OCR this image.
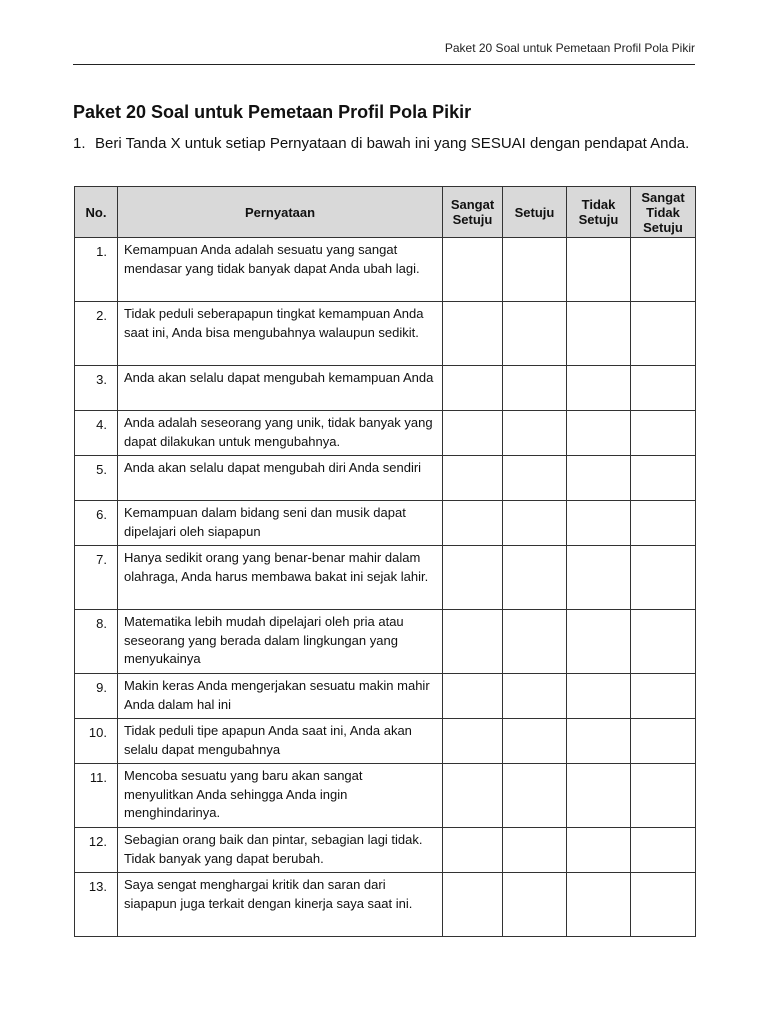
Paket 20 Soal untuk Pemetaan Profil Pola Pikir
Paket 20 Soal untuk Pemetaan Profil Pola Pikir
1. Beri Tanda X untuk setiap Pernyataan di bawah ini yang SESUAI dengan pendapat Anda.
No.	Pernyataan	Sangat Setuju	Setuju	Tidak Setuju	Sangat Tidak Setuju
1.	Kemampuan Anda adalah sesuatu yang sangat mendasar yang tidak banyak dapat Anda ubah lagi.				
2.	Tidak peduli seberapapun tingkat kemampuan Anda saat ini, Anda bisa mengubahnya walaupun sedikit.				
3.	Anda akan selalu dapat mengubah kemampuan Anda				
4.	Anda adalah seseorang yang unik, tidak banyak yang dapat dilakukan untuk mengubahnya.				
5.	Anda akan selalu dapat mengubah diri Anda sendiri				
6.	Kemampuan dalam bidang seni dan musik dapat dipelajari oleh siapapun				
7.	Hanya sedikit orang yang benar-benar mahir dalam olahraga, Anda harus membawa bakat ini sejak lahir.				
8.	Matematika lebih mudah dipelajari oleh pria atau seseorang yang berada dalam lingkungan yang menyukainya				
9.	Makin keras Anda mengerjakan sesuatu makin mahir Anda dalam hal ini				
10.	Tidak peduli tipe apapun Anda saat ini, Anda akan selalu dapat mengubahnya				
11.	Mencoba sesuatu yang baru akan sangat menyulitkan Anda sehingga Anda ingin menghindarinya.				
12.	Sebagian orang baik dan pintar, sebagian lagi tidak. Tidak banyak yang dapat berubah.				
13.	Saya sengat menghargai kritik dan saran dari siapapun juga terkait dengan kinerja saya saat ini.				
